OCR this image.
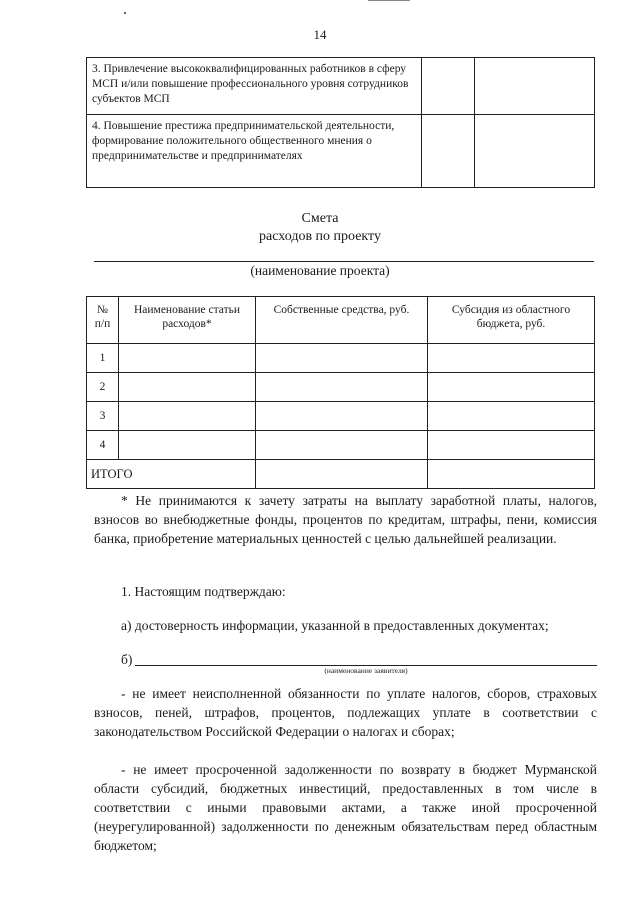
14
3. Привлечение высококвалифицированных работников в сферу МСП и/или повышение профессионального уровня сотрудников субъектов МСП		
4. Повышение престижа предпринимательской деятельности, формирование положительного общественного мнения о предпринимательстве и предпринимателях		
Смета
расходов по проекту
(наименование проекта)
№ п/п	Наименование статьи расходов*	Собственные средства, руб.	Субсидия из областного бюджета, руб.
1			
2			
3			
4			
ИТОГО			
* Не принимаются к зачету затраты на выплату заработной платы, налогов, взносов во внебюджетные фонды, процентов по кредитам, штрафы, пени, комиссия банка, приобретение материальных ценностей с целью дальнейшей реализации.
1. Настоящим подтверждаю:
а) достоверность информации, указанной в предоставленных документах;
б)
(наименование заявителя)
- не имеет неисполненной обязанности по уплате налогов, сборов, страховых взносов, пеней, штрафов, процентов, подлежащих уплате в соответствии с законодательством Российской Федерации о налогах и сборах;
- не имеет просроченной задолженности по возврату в бюджет Мурманской области субсидий, бюджетных инвестиций, предоставленных в том числе в соответствии с иными правовыми актами, а также иной просроченной (неурегулированной) задолженности по денежным обязательствам перед областным бюджетом;
